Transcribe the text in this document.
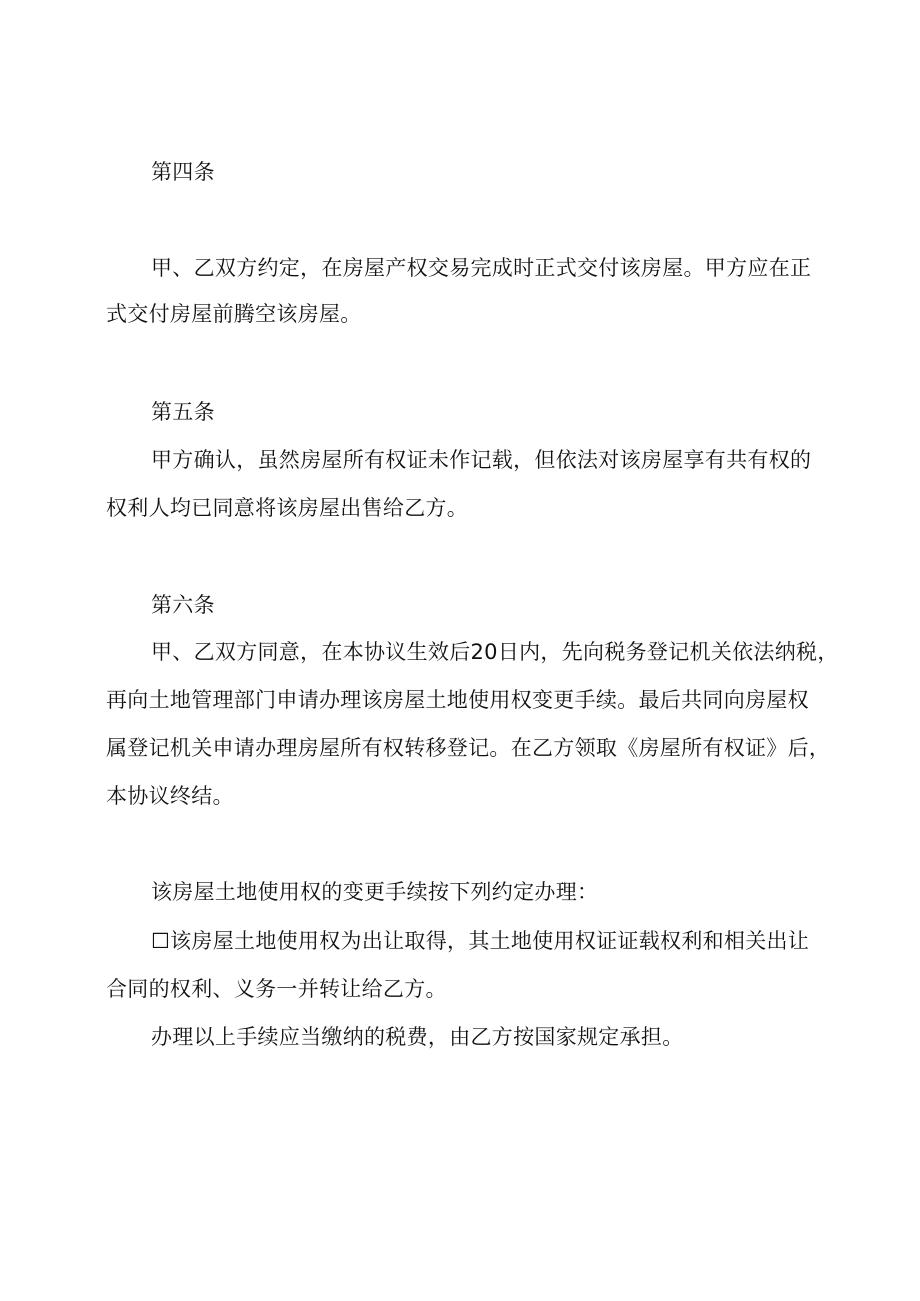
第四条
甲、乙双方约定，在房屋产权交易完成时正式交付该房屋。甲方应在正
式交付房屋前腾空该房屋。
第五条
甲方确认，虽然房屋所有权证未作记载，但依法对该房屋享有共有权的
权利人均已同意将该房屋出售给乙方。
第六条
甲、乙双方同意，在本协议生效后20日内，先向税务登记机关依法纳税，
再向土地管理部门申请办理该房屋土地使用权变更手续。最后共同向房屋权
属登记机关申请办理房屋所有权转移登记。在乙方领取《房屋所有权证》后，
本协议终结。
该房屋土地使用权的变更手续按下列约定办理：
☐该房屋土地使用权为出让取得，其土地使用权证证载权利和相关出让
合同的权利、义务一并转让给乙方。
办理以上手续应当缴纳的税费，由乙方按国家规定承担。
